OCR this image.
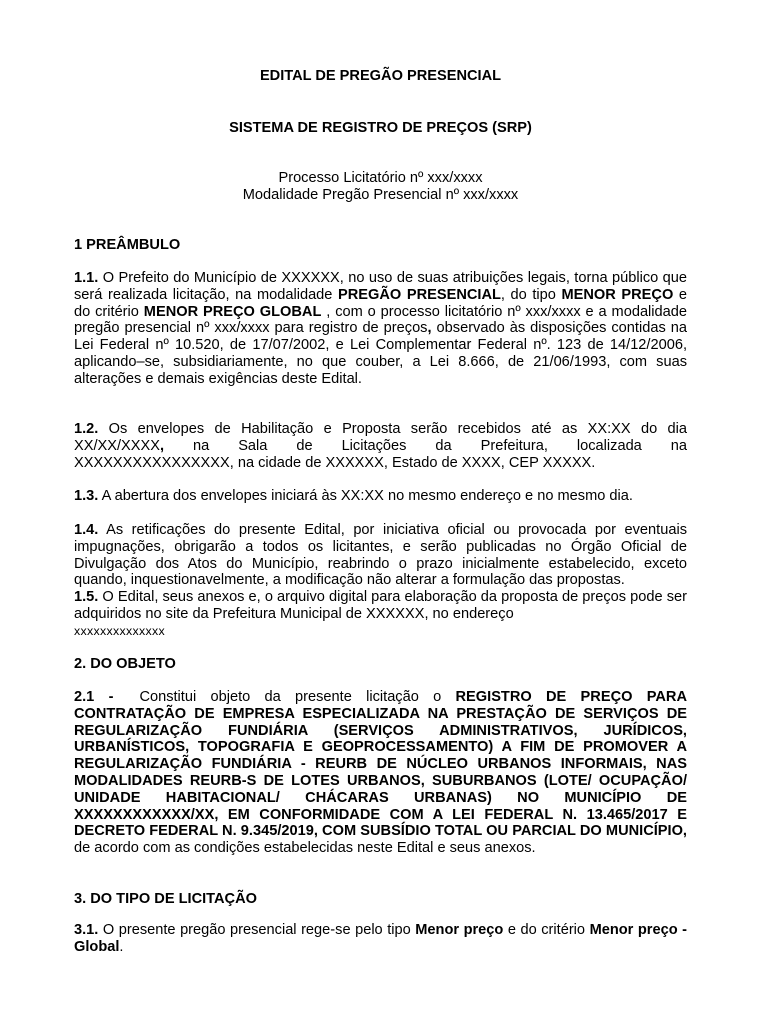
EDITAL DE PREGÃO PRESENCIAL
SISTEMA DE REGISTRO DE PREÇOS (SRP)
Processo Licitatório nº xxx/xxxx
Modalidade Pregão Presencial nº xxx/xxxx
1 PREÂMBULO
1.1. O Prefeito do Município de XXXXXX, no uso de suas atribuições legais, torna público que será realizada licitação, na modalidade PREGÃO PRESENCIAL, do tipo MENOR PREÇO e do critério MENOR PREÇO GLOBAL , com o processo licitatório nº xxx/xxxx e a modalidade pregão presencial nº xxx/xxxx para registro de preços, observado às disposições contidas na Lei Federal nº 10.520, de 17/07/2002, e Lei Complementar Federal nº. 123 de 14/12/2006, aplicando–se, subsidiariamente, no que couber, a Lei 8.666, de 21/06/1993, com suas alterações e demais exigências deste Edital.
1.2. Os envelopes de Habilitação e Proposta serão recebidos até as XX:XX do dia XX/XX/XXXX, na Sala de Licitações da Prefeitura, localizada na
XXXXXXXXXXXXXXXX, na cidade de XXXXXX, Estado de XXXX, CEP XXXXX.
1.3. A abertura dos envelopes iniciará às XX:XX no mesmo endereço e no mesmo dia.
1.4. As retificações do presente Edital, por iniciativa oficial ou provocada por eventuais impugnações, obrigarão a todos os licitantes, e serão publicadas no Órgão Oficial de Divulgação dos Atos do Município, reabrindo o prazo inicialmente estabelecido, exceto quando, inquestionavelmente, a modificação não alterar a formulação das propostas.
1.5. O Edital, seus anexos e, o arquivo digital para elaboração da proposta de preços pode ser adquiridos no site da Prefeitura Municipal de XXXXXX, no endereço
xxxxxxxxxxxxxx
2. DO OBJETO
2.1 - Constitui objeto da presente licitação o REGISTRO DE PREÇO PARA CONTRATAÇÃO DE EMPRESA ESPECIALIZADA NA PRESTAÇÃO DE SERVIÇOS DE REGULARIZAÇÃO FUNDIÁRIA (SERVIÇOS ADMINISTRATIVOS, JURÍDICOS, URBANÍSTICOS, TOPOGRAFIA E GEOPROCESSAMENTO) A FIM DE PROMOVER A REGULARIZAÇÃO FUNDIÁRIA - REURB DE NÚCLEO URBANOS INFORMAIS, NAS MODALIDADES REURB-S DE LOTES URBANOS, SUBURBANOS (LOTE/ OCUPAÇÃO/ UNIDADE HABITACIONAL/ CHÁCARAS URBANAS) NO MUNICÍPIO DE XXXXXXXXXXXX/XX, EM CONFORMIDADE COM A LEI FEDERAL N. 13.465/2017 E DECRETO FEDERAL N. 9.345/2019, COM SUBSÍDIO TOTAL OU PARCIAL DO MUNICÍPIO, de acordo com as condições estabelecidas neste Edital e seus anexos.
3. DO TIPO DE LICITAÇÃO
3.1. O presente pregão presencial rege-se pelo tipo Menor preço e do critério Menor preço - Global.
